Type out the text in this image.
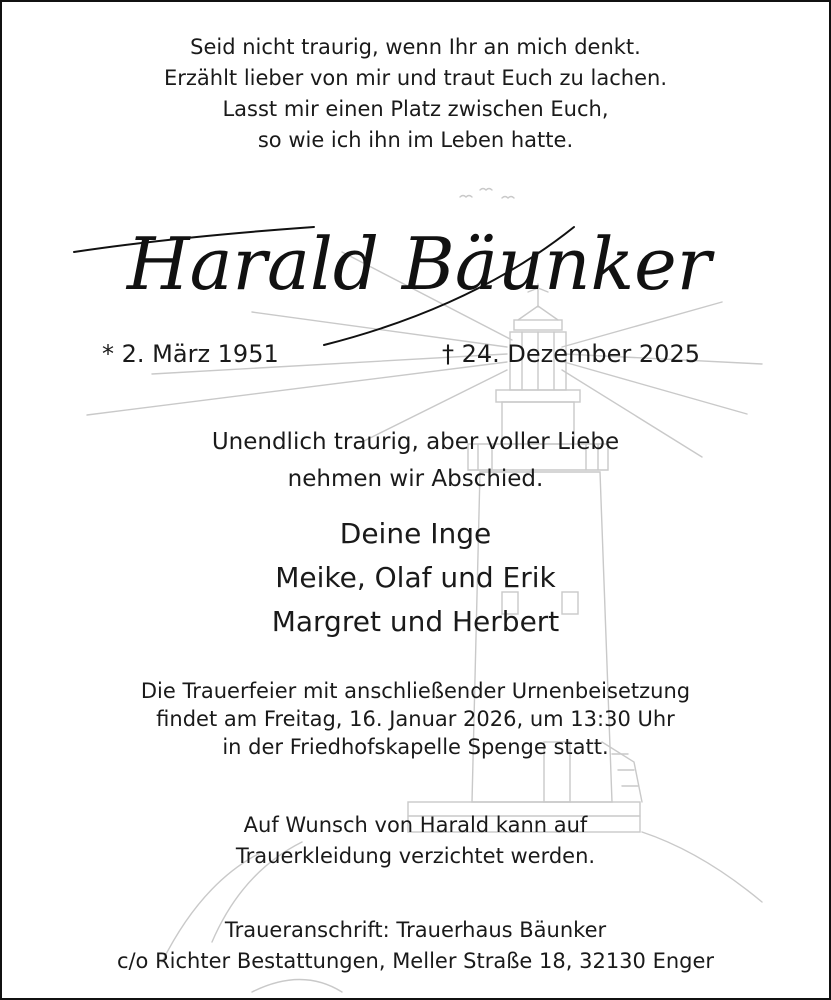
Seid nicht traurig, wenn Ihr an mich denkt.
Erzählt lieber von mir und traut Euch zu lachen.
Lasst mir einen Platz zwischen Euch,
so wie ich ihn im Leben hatte.
Harald Bäunker
* 2. März 1951	† 24. Dezember 2025
Unendlich traurig, aber voller Liebe
nehmen wir Abschied.
Deine Inge
Meike, Olaf und Erik
Margret und Herbert
Die Trauerfeier mit anschließender Urnenbeisetzung
findet am Freitag, 16. Januar 2026, um 13:30 Uhr
in der Friedhofskapelle Spenge statt.
Auf Wunsch von Harald kann auf
Trauerkleidung verzichtet werden.
Traueranschrift: Trauerhaus Bäunker
c/o Richter Bestattungen, Meller Straße 18, 32130 Enger
